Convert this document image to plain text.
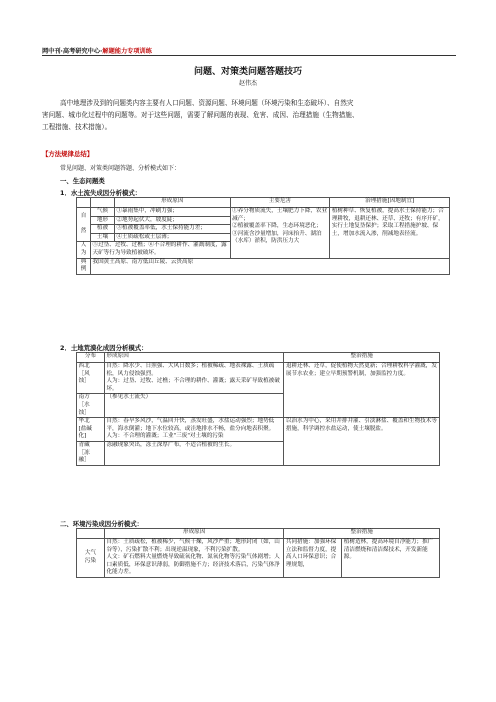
网中刊·高考研究中心·解题能力专项训练
问题、对策类问题答题技巧
赵伟杰
高中地理涉及到的问题类内容主要有人口问题、资源问题、环境问题（环境污染和生态破坏）、自然灾
害问题、城市化过程中的问题等。对于这些问题，需要了解问题的表现、危害、成因、治理措施（生物措施、
工程措施、技术措施）。
【方法规律总结】
常见问题、对策类问题答题、分析模式如下：
一、生态问题类
1．水土流失成因分析模式：
		形成原因	主要危害	治理措施[因地制宜]
自

然	气候	①暴雨集中，冲刷力强；	①养分物质流失，土壤肥力下降，农业减产；
②植被覆盖率下降，生态环境恶化；
③河流含沙量增加，河床抬升、湖泊（水库）淤积，防洪压力大	植树种草、恢复植被，提高水土保持能力；合理耕牧，退耕还林、还草、还牧；有序开矿，实行土地复垦保护；采取工程措施护坡、保土，增加水流入渗，削减地表径流。
	地形	②地势起伏大，坡度陡；		
	植被	③植被覆盖率低，水土保持能力差；		
	土壤	④土质疏松或土层薄；		
人
为	⑤过垦、过牧、过樵；⑥不合理的耕作、灌溉制度，露天矿等行为导致植被破坏。			
典
例	我国黄土高原、南方低山丘陵、云贵高原			
2．土地荒漠化成因分析模式：
分布	形成原因	整治措施
西北
［风
蚀］	自然：降水少、日照强、大风日数多；植被稀疏、地表裸露、土质疏松，风力侵蚀强烈。
人为：过垦、过牧、过樵；不合理的耕作、灌溉；露天采矿导致植被破坏。	退耕还林、还草，促使植物天然更新；合理耕牧科学灌溉，发展节水农业；建立早期预警机制，加强监控力度。
南方
［水
蚀］	（参见水土流失）	
华北
[盐碱
化]	自然：春旱多风沙，气温回升快，蒸发旺盛，水盐运动强烈；地势低平，海水倒灌；地下水位较高，或洼地排水不畅，盐分向地表积聚。
人为：不合理的灌溉；工业"三废"对土壤的污染	以治水为中心，采用井排井灌、引淡淋盐、覆盖和生物技术等措施，科学调控水盐运动，使土壤脱盐。
青藏
［冻
融］	冻融现象突出，冻土深厚广布，不适合植被的生长。	
二、环境污染成因分析模式：
	形成原因	整治措施	
大气
污染	自然：土质疏松，植被稀少，气候干燥，风沙严重；地形封闭（如，山谷等），污染扩散不利；出现逆温现象，不利污染扩散。
人文：矿石燃料大量燃烧导致硫氧化物、氮氧化物等污染气体剧增；人口素质低，环保意识薄弱，防御措施不力；经济技术落后，污染气体净化能力差。	共同措施：加强环保立法和监督力度，提高人口环保意识；合理规划，	植树造林，提高环境自净能力；推广清洁燃烧和清洁煤技术，开发新能源。
